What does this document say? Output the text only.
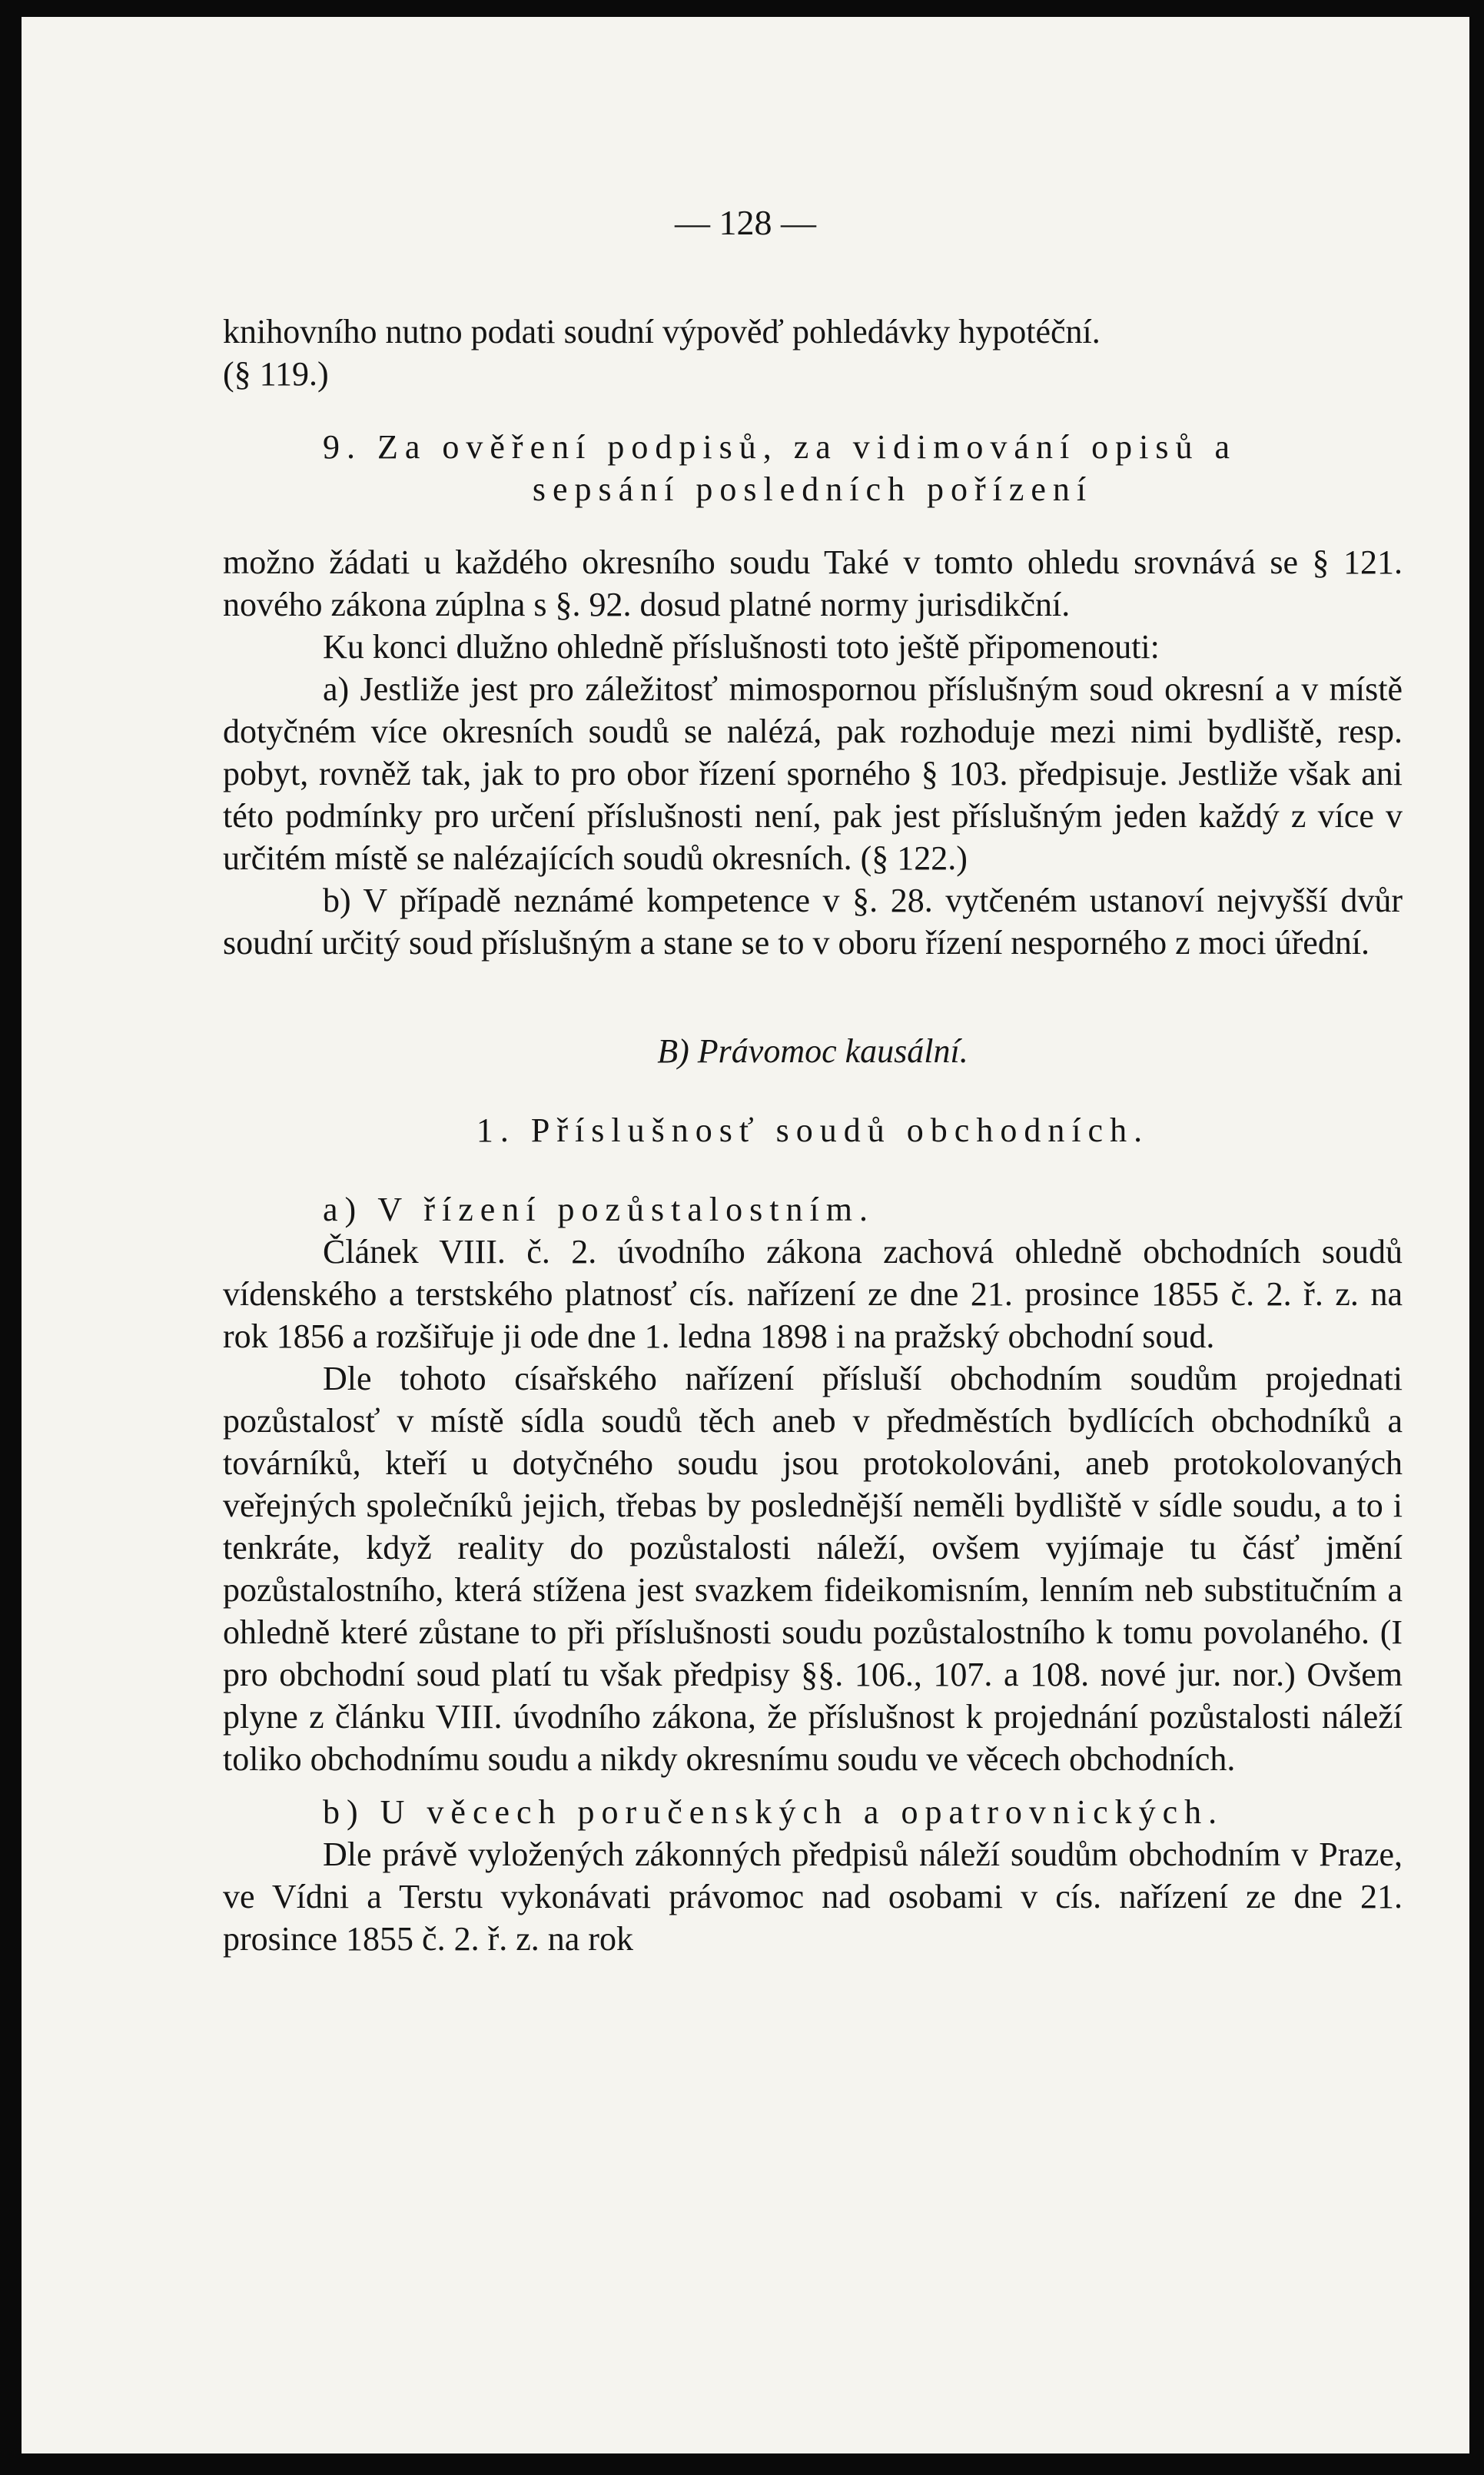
— 128 —

knihovního nutno podati soudní výpověď pohledávky hypotéční.

(§ 119.)

9. Za ověření podpisů, za vidimování opisů a

sepsání posledních pořízení

možno žádati u každého okresního soudu Také v tomto ohledu srovnává se § 121. nového zákona zúplna s §. 92. dosud platné normy jurisdikční.

Ku konci dlužno ohledně příslušnosti toto ještě připomenouti:

a) Jestliže jest pro záležitosť mimospornou příslušným soud okresní a v místě dotyčném více okresních soudů se nalézá, pak rozhoduje mezi nimi bydliště, resp. pobyt, rovněž tak, jak to pro obor řízení sporného § 103. předpisuje. Jestliže však ani této podmínky pro určení příslušnosti není, pak jest příslušným jeden každý z více v určitém místě se nalézajících soudů okresních. (§ 122.)

b) V případě neznámé kompetence v §. 28. vytčeném ustanoví nejvyšší dvůr soudní určitý soud příslušným a stane se to v oboru řízení nesporného z moci úřední.

B) Právomoc kausální.

1. Příslušnosť soudů obchodních.

a) V řízení pozůstalostním.

Článek VIII. č. 2. úvodního zákona zachová ohledně obchodních soudů vídenského a terstského platnosť cís. nařízení ze dne 21. prosince 1855 č. 2. ř. z. na rok 1856 a rozšiřuje ji ode dne 1. ledna 1898 i na pražský obchodní soud.

Dle tohoto císařského nařízení přísluší obchodním soudům projednati pozůstalosť v místě sídla soudů těch aneb v předměstích bydlících obchodníků a továrníků, kteří u dotyčného soudu jsou protokolováni, aneb protokolovaných veřejných společníků jejich, třebas by poslednější neměli bydliště v sídle soudu, a to i tenkráte, když reality do pozůstalosti náleží, ovšem vyjímaje tu čásť jmění pozůstalostního, která stížena jest svazkem fideikomisním, lenním neb substitučním a ohledně které zůstane to při příslušnosti soudu pozůstalostního k tomu povolaného. (I pro obchodní soud platí tu však předpisy §§. 106., 107. a 108. nové jur. nor.) Ovšem plyne z článku VIII. úvodního zákona, že příslušnost k projednání pozůstalosti náleží toliko obchodnímu soudu a nikdy okresnímu soudu ve věcech obchodních.

b) U věcech poručenských a opatrovnických.

Dle právě vyložených zákonných předpisů náleží soudům obchodním v Praze, ve Vídni a Terstu vykonávati právomoc nad osobami v cís. nařízení ze dne 21. prosince 1855 č. 2. ř. z. na rok
